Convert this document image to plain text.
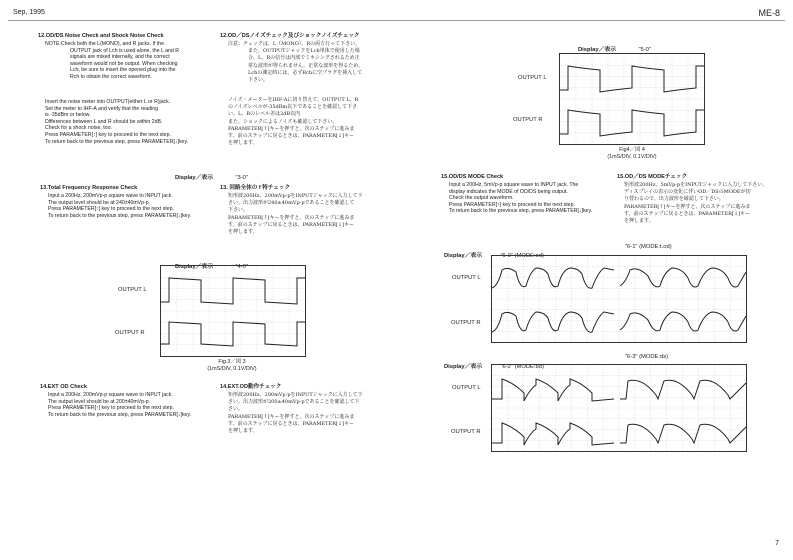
Sep, 1995	ME-8
7
12.OD/DS Noise Check and Shock Noise Check
NOTE:Check both the L(MONO), and R jacks. If the
OUTPUT jack of Lch is used alone, the L and R
signals are mixed internally, and the correct
waveform would not be output. When checking
Lch, be sure to insert the opened plug into the
Rch to obtain the correct waveform.
Insert the noise meter into OUTPUT(either L or R)jack.
Set the meter to IHF-A and verify that the reading
is -35dBm or below.
Differences between L and R should be within 2dB.
Check for a shock noise, too.
Press PARAMETER[↑] key to proceed to the next step.
To return back to the previous step, press PARAMETER[↓]key.
12.OD／DSノイズチェック及びショックノイズチェック
注意：チェックは、L（MONO）、Rの両方行って下さい。
また、OUTPUTジャックをLch単体で使用した場
合、L、Rの信号は内部でミキシングされるため正
常な波形が得られません。正常な波形を得るため、
Lchの測定時には、必ずRchに空プラグを挿入して
下さい。
ノイズ・メーターをIHF-Aに切り替えて、OUTPUT L、R
のノイズレベルが-35dBm以下であることを確認して下さ
い。L、Rのレベル差は2dB以内
また、ショックによるノイズも確認して下さい。
PARAMETER[↑]キーを押すと、次のステップに進みま
す。前のステップに戻るときは、PARAMETER[↓]キー
を押します。
Display／表示	"3-0"
13.Total Frequency Response Check
Input a 200Hz, 200mVp-p square wave to INPUT jack.
The output level should be at 240±40mVp-p.
Press PARAMETER[↑] key to proceed to the next step.
To return back to the previous step, press PARAMETER[↓]key.
13. 回路全体の f 特チェック
矩形波200Hz、200mVp-pをINPUTジャックに入力して下
さい。出力波形が240±40mVp-pであることを確認して
下さい。
PARAMETER[↑]キーを押すと、次のステップに進みま
す。前のステップに戻るときは、PARAMETER[↓]キー
を押します。
Display／表示	"4-0"
OUTPUT L
OUTPUT R
Fig.3／図 3
(1mS/DIV, 0.1V/DIV)
14.EXT OD Check
Input a 200Hz, 200mVp-p square wave to INPUT jack.
The output level should be at 200±40mVp-p.
Press PARAMETER[↑] key to proceed to the next step.
To return back to the previous step, press PARAMETER[↓]key.
14.EXT.OD動作チェック
矩形波200Hz、200mVp-pをINPUTジャックに入力して下
さい。出力波形が200±40mVp-pであることを確認して下
さい。
PARAMETER[↑]キーを押すと、次のステップに進みま
す。前のステップに戻るときは、PARAMETER[↓]キー
を押します。
Display／表示	"5-0"
OUTPUT L
OUTPUT R
Fig4／図 4
(1mS/DIV, 0.1V/DIV)
15.OD/DS MODE Check
Input a 200Hz, 5mVp-p square wave to INPUT jack. The
display indicates the MODE of OD/DS being output.
Check the output waveform.
Press PARAMETER[↑] key to proceed to the next step.
To return back to the previous step, press PARAMETER[↓]key.
15.OD／DS MODEチェック
矩形波200Hz、5mVp-pをINPUTジャックに入力して下さい。
ディスプレイの表示の変化に伴いOD／DSのMODEが切
り替わるので、出力波形を確認して下さい。
PARAMETER[↑]キーを押すと、次のステップに進みま
す。前のステップに戻るときは、PARAMETER[↓]キー
を押します。
Display／表示	"6-0" (MODE:od)
"6-1" (MODE:t.od)
OUTPUT L
OUTPUT R
Display／表示	"6-2" (MODE:bd)
"6-3" (MODE:ds)
OUTPUT L
OUTPUT R
